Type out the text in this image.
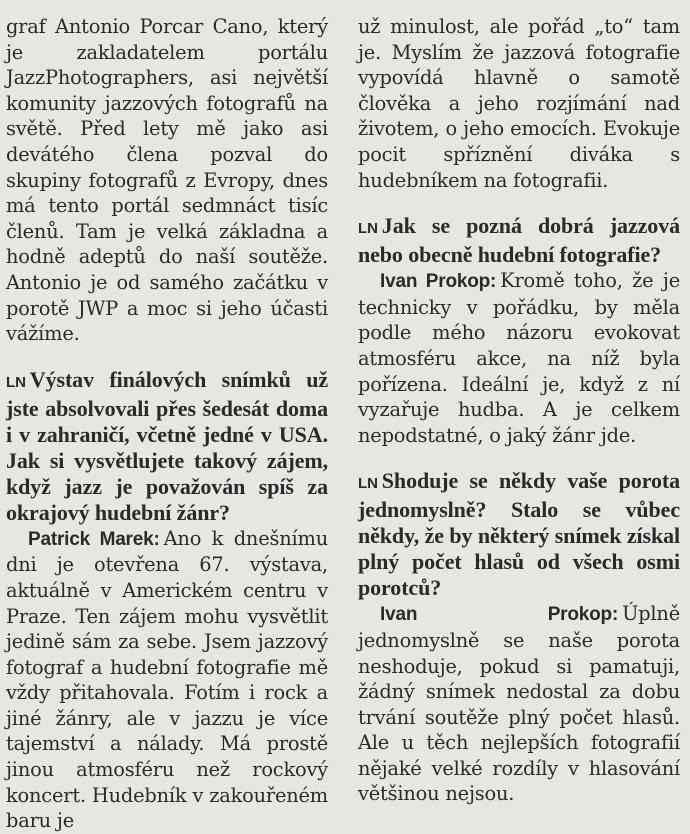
graf Antonio Porcar Cano, který je zakladatelem portálu JazzPhotographers, asi největší komunity jazzových fotografů na světě. Před lety mě jako asi devátého člena pozval do skupiny fotografů z Evropy, dnes má tento portál sedmnáct tisíc členů. Tam je velká základna a hodně adeptů do naší soutěže. Antonio je od samého začátku v porotě JWP a moc si jeho účasti vážíme.

LN Výstav finálových snímků už jste absolvovali přes šedesát doma i v zahraničí, včetně jedné v USA. Jak si vysvětlujete takový zájem, když jazz je považován spíš za okrajový hudební žánr?

Patrick Marek: Ano k dnešnímu dni je otevřena 67. výstava, aktuálně v Americkém centru v Praze. Ten zájem mohu vysvětlit jedině sám za sebe. Jsem jazzový fotograf a hudební fotografie mě vždy přitahovala. Fotím i rock a jiné žánry, ale v jazzu je více tajemství a nálady. Má prostě jinou atmosféru než rockový koncert. Hudebník v zakouřeném baru je

už minulost, ale pořád „to“ tam je. Myslím že jazzová fotografie vypovídá hlavně o samotě člověka a jeho rozjímání nad životem, o jeho emocích. Evokuje pocit spříznění diváka s hudebníkem na fotografii.

LN Jak se pozná dobrá jazzová nebo obecně hudební fotografie?

Ivan Prokop: Kromě toho, že je technicky v pořádku, by měla podle mého názoru evokovat atmosféru akce, na níž byla pořízena. Ideální je, když z ní vyzařuje hudba. A je celkem nepodstatné, o jaký žánr jde.

LN Shoduje se někdy vaše porota jednomyslně? Stalo se vůbec někdy, že by některý snímek získal plný počet hlasů od všech osmi porotců?

Ivan Prokop: Úplně jednomyslně se naše porota neshoduje, pokud si pamatuji, žádný snímek nedostal za dobu trvání soutěže plný počet hlasů. Ale u těch nejlepších fotografií nějaké velké rozdíly v hlasování většinou nejsou.
